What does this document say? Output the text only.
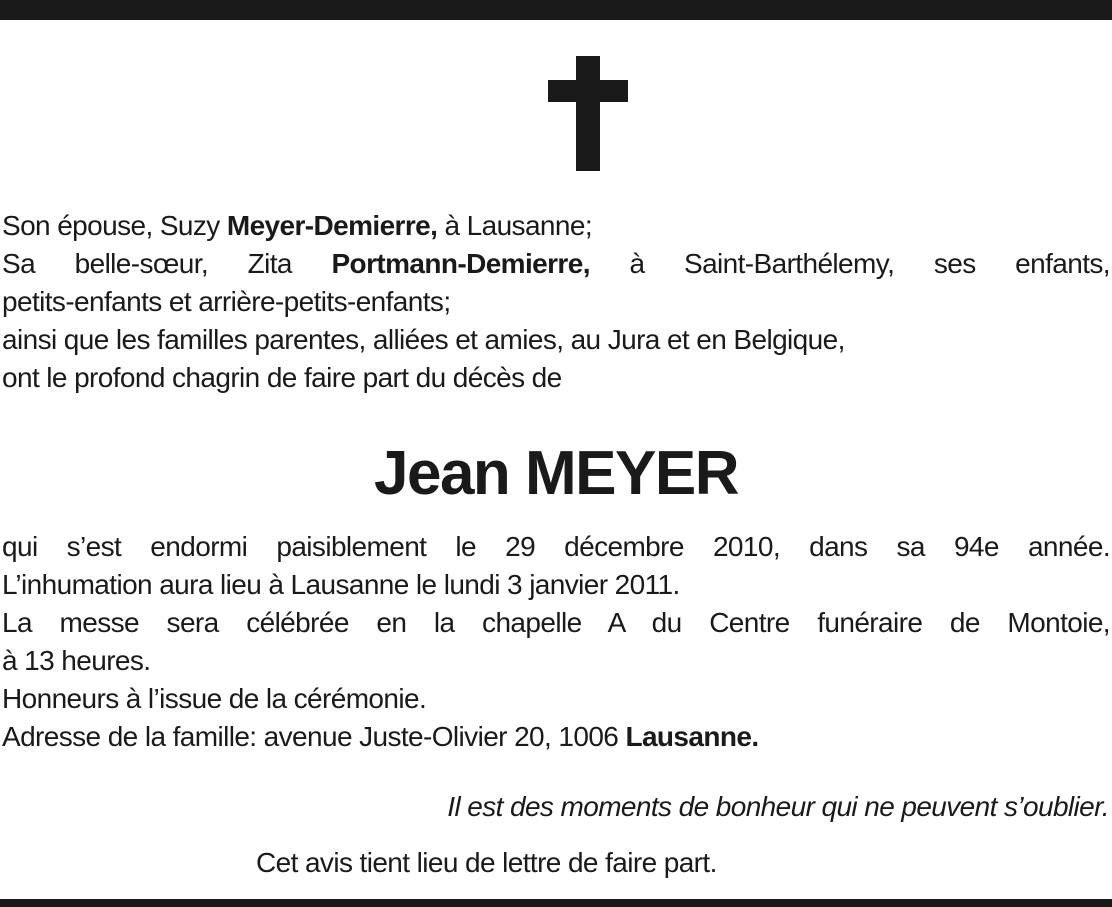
Son épouse, Suzy Meyer-Demierre, à Lausanne;

Sa belle-sœur, Zita Portmann-Demierre, à Saint-Barthélemy, ses enfants,

petits-enfants et arrière-petits-enfants;

ainsi que les familles parentes, alliées et amies, au Jura et en Belgique,

ont le profond chagrin de faire part du décès de

Jean MEYER

qui s’est endormi paisiblement le 29 décembre 2010, dans sa 94e année.

L’inhumation aura lieu à Lausanne le lundi 3 janvier 2011.

La messe sera célébrée en la chapelle A du Centre funéraire de Montoie,

à 13 heures.

Honneurs à l’issue de la cérémonie.

Adresse de la famille: avenue Juste-Olivier 20, 1006 Lausanne.

Il est des moments de bonheur qui ne peuvent s’oublier.
Cet avis tient lieu de lettre de faire part.
